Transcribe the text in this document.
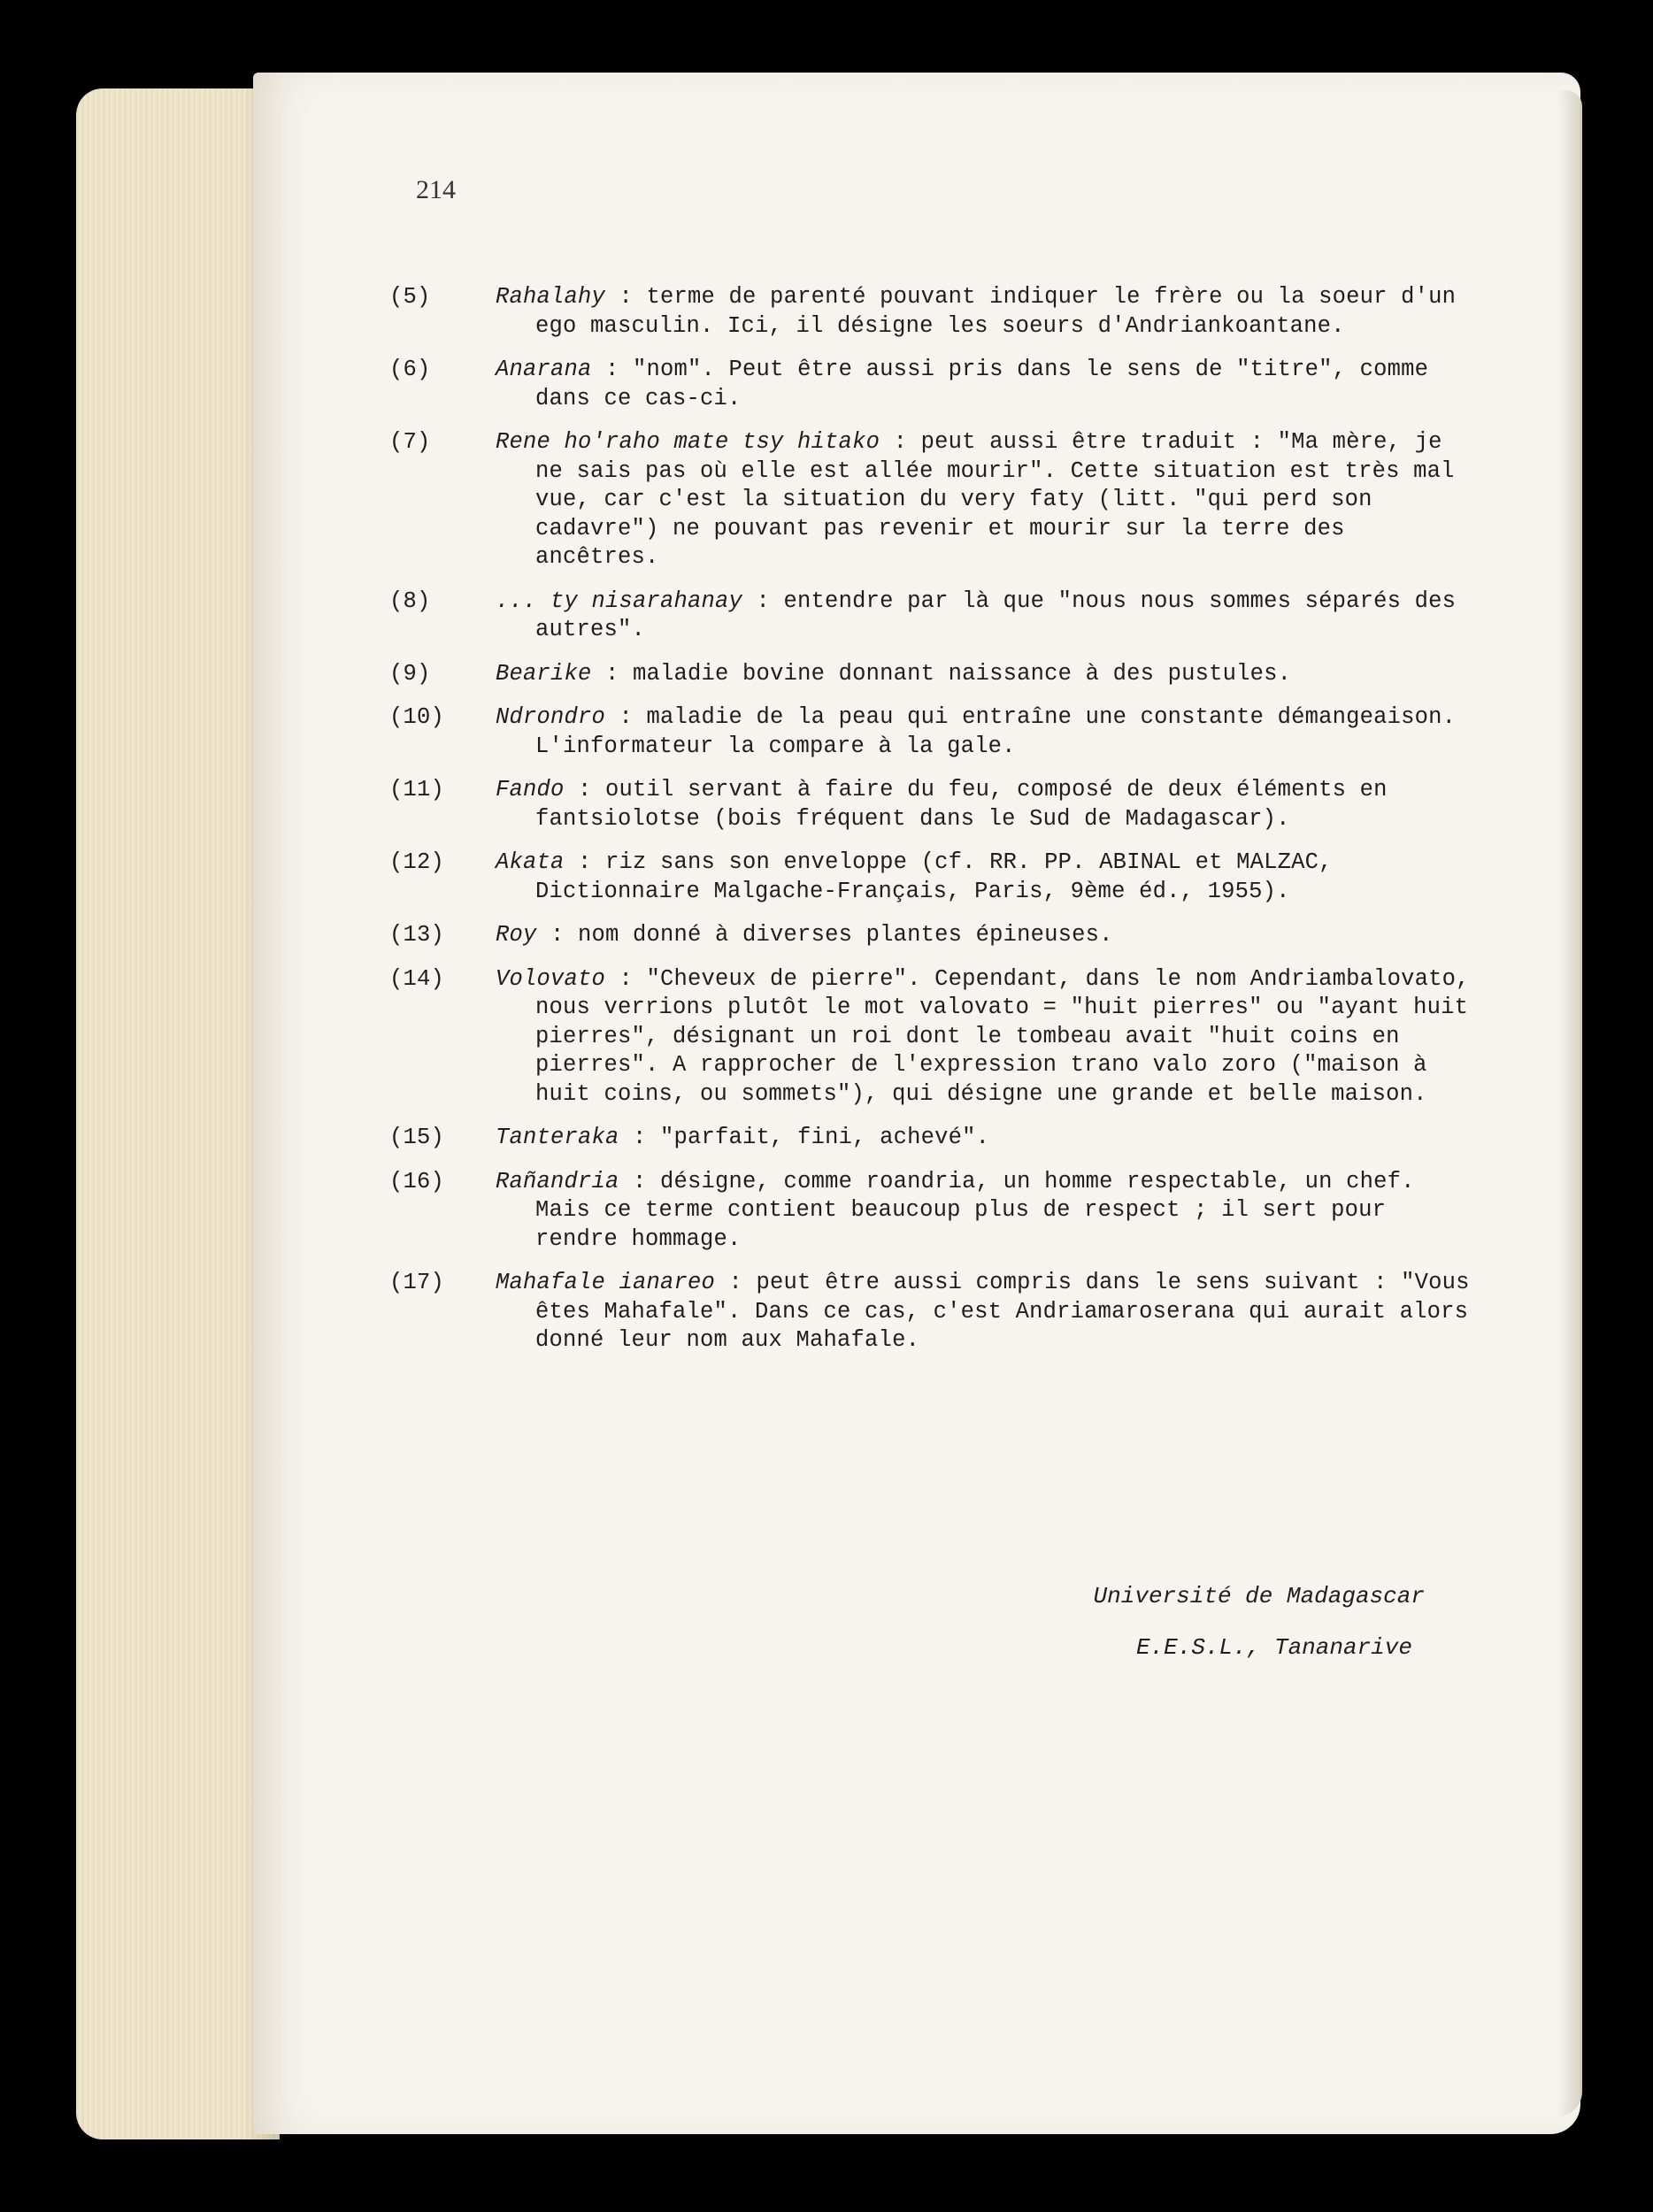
214
(5)	Rahalahy : terme de parenté pouvant indiquer le frère ou la soeur d'un ego masculin. Ici, il désigne les soeurs d'Andriankoantane.
(6)	Anarana : "nom". Peut être aussi pris dans le sens de "titre", comme dans ce cas-ci.
(7)	Rene ho'raho mate tsy hitako : peut aussi être traduit : "Ma mère, je ne sais pas où elle est allée mourir". Cette situation est très mal vue, car c'est la situation du very faty (litt. "qui perd son cadavre") ne pouvant pas revenir et mourir sur la terre des ancêtres.
(8)	... ty nisarahanay : entendre par là que "nous nous sommes séparés des autres".
(9)	Bearike : maladie bovine donnant naissance à des pustules.
(10) Ndrondro : maladie de la peau qui entraîne une constante démangeaison. L'informateur la compare à la gale.
(11) Fando : outil servant à faire du feu, composé de deux éléments en fantsiolotse (bois fréquent dans le Sud de Madagascar).
(12) Akata : riz sans son enveloppe (cf. RR. PP. ABINAL et MALZAC, Dictionnaire Malgache-Français, Paris, 9ème éd., 1955).
(13) Roy : nom donné à diverses plantes épineuses.
(14) Volovato : "Cheveux de pierre". Cependant, dans le nom Andriambalovato, nous verrions plutôt le mot valovato = "huit pierres" ou "ayant huit pierres", désignant un roi dont le tombeau avait "huit coins en pierres". A rapprocher de l'expression trano valo zoro ("maison à huit coins, ou sommets"), qui désigne une grande et belle maison.
(15) Tanteraka : "parfait, fini, achevé".
(16) Rañandria : désigne, comme roandria, un homme respectable, un chef. Mais ce terme contient beaucoup plus de respect ; il sert pour rendre hommage.
(17) Mahafale ianareo : peut être aussi compris dans le sens suivant : "Vous êtes Mahafale". Dans ce cas, c'est Andriamaroserana qui aurait alors donné leur nom aux Mahafale.
Université de Madagascar
E.E.S.L., Tananarive
